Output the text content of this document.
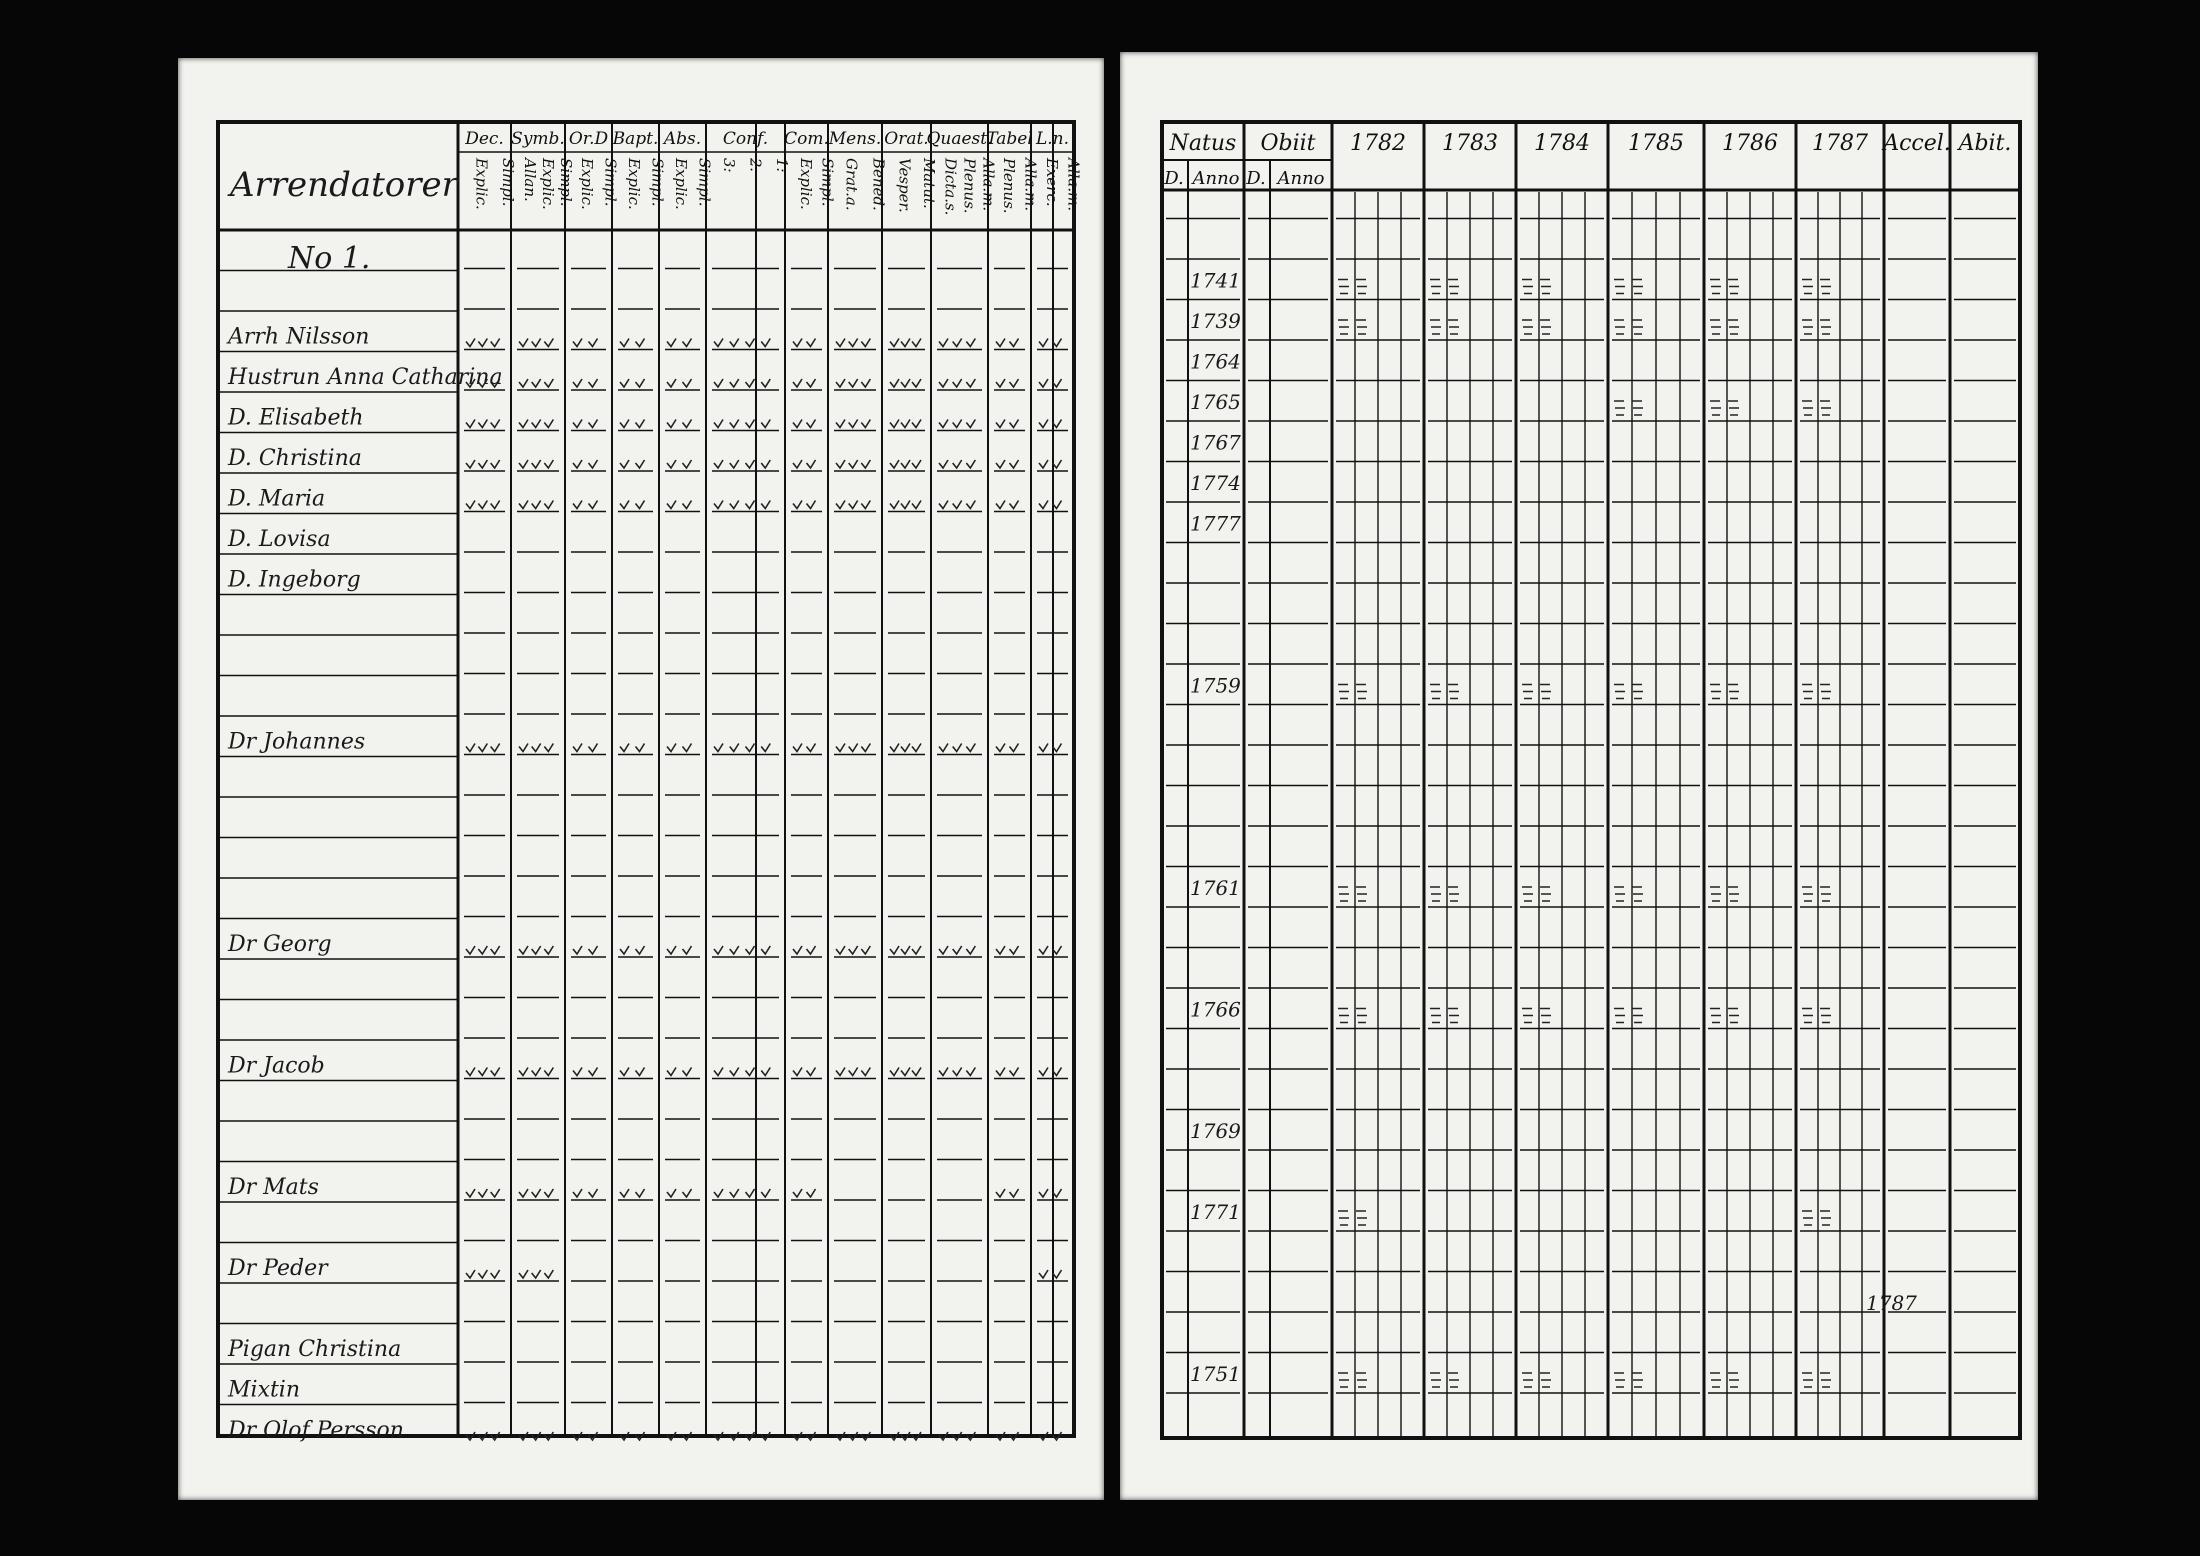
Dec.
Explic. Simpl.
Symb.
Allan. Explic. Simpl.
Or.D
Explic. Simpl.
Bapt.
Explic. Simpl.
Abs.
Explic. Simpl.
Conf.
3: 2: 1:
Com.
Explic. Simpl.
Mens.
Grat.a. Bened.
Orat.
Vesper. Matut.
Quaest.
Dicta.s. Plenus. Alla.m.
Tabel
Plenus. Alla.m.
L.n.
Exerc. Alla.m.
Arrendatorer
No 1.
Arrh Nilsson
Hustrun Anna Catharina
D. Elisabeth
D. Christina
D. Maria
D. Lovisa
D. Ingeborg
Dr Johannes
Dr Georg
Dr Jacob
Dr Mats
Dr Peder
Pigan Christina
Mixtin
Dr Olof Persson
Natus
D. Anno
Obiit
D. Anno
1782 1783 1784 1785 1786 1787 Accel. Abit.
1741
1739
1764
1765
1767
1774
1777
1759
1761
1766
1769
1771
1751
1787
